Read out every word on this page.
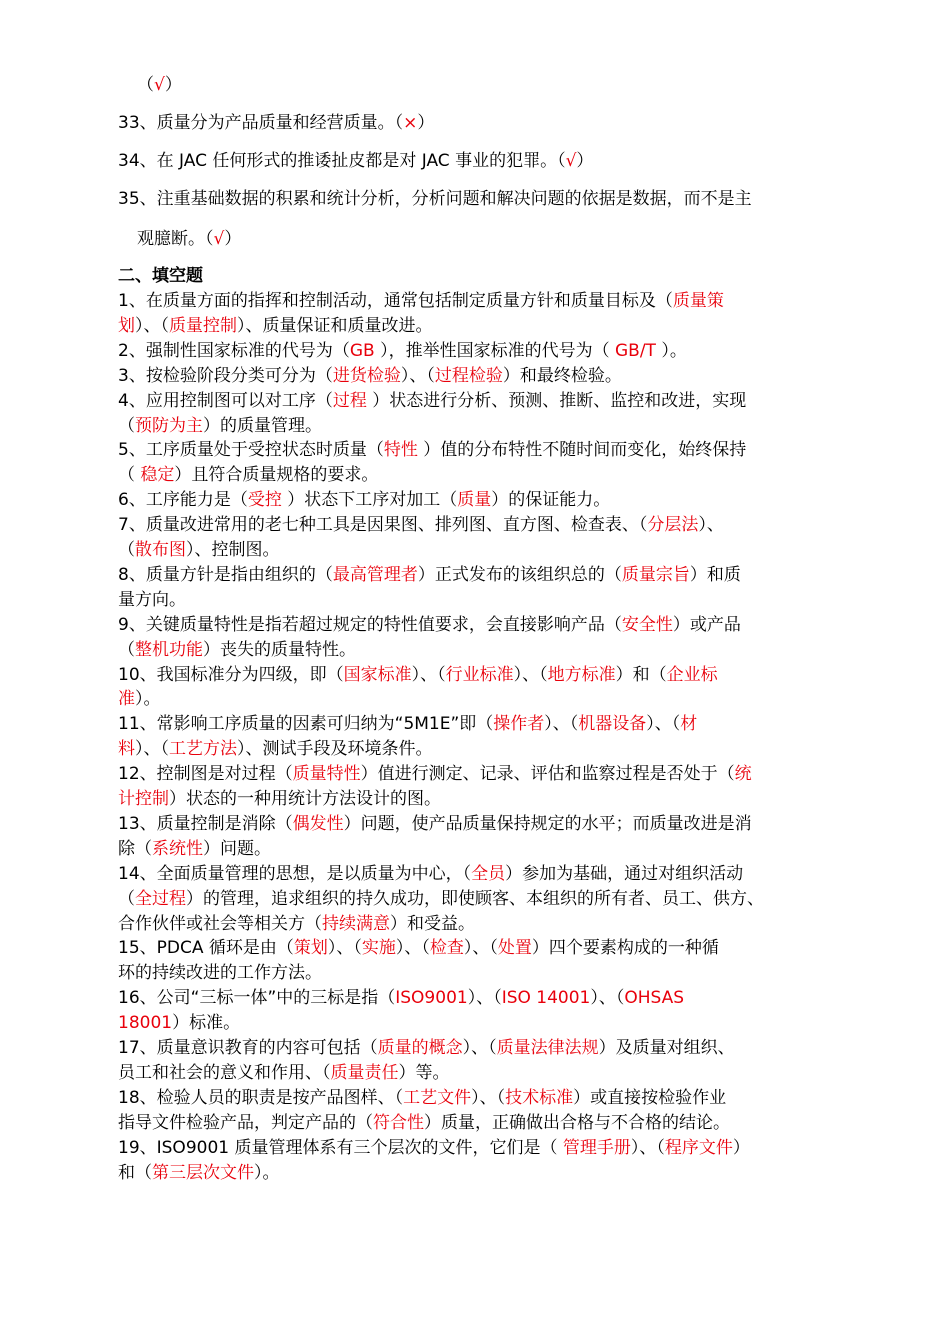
（√）
33、质量分为产品质量和经营质量。（×）
34、在 JAC 任何形式的推诿扯皮都是对 JAC 事业的犯罪。（√）
35、注重基础数据的积累和统计分析，分析问题和解决问题的依据是数据，而不是主
观臆断。（√）
二、填空题
1、在质量方面的指挥和控制活动，通常包括制定质量方针和质量目标及（质量策
划）、（质量控制）、质量保证和质量改进。
2、强制性国家标准的代号为（GB ），推举性国家标准的代号为（ GB/T ）。
3、按检验阶段分类可分为（进货检验）、（过程检验）和最终检验。
4、应用控制图可以对工序（过程 ）状态进行分析、预测、推断、监控和改进，实现
（预防为主）的质量管理。
5、工序质量处于受控状态时质量（特性 ）值的分布特性不随时间而变化，始终保持
（ 稳定）且符合质量规格的要求。
6、工序能力是（受控 ）状态下工序对加工（质量）的保证能力。
7、质量改进常用的老七种工具是因果图、排列图、直方图、检查表、（分层法）、
（散布图）、控制图。
8、质量方针是指由组织的（最高管理者）正式发布的该组织总的（质量宗旨）和质
量方向。
9、关键质量特性是指若超过规定的特性值要求，会直接影响产品（安全性）或产品
（整机功能）丧失的质量特性。
10、我国标准分为四级，即（国家标准）、（行业标准）、（地方标准）和（企业标
准）。
11、常影响工序质量的因素可归纳为“5M1E”即（操作者）、（机器设备）、（材
料）、（工艺方法）、测试手段及环境条件。
12、控制图是对过程（质量特性）值进行测定、记录、评估和监察过程是否处于（统
计控制）状态的一种用统计方法设计的图。
13、质量控制是消除（偶发性）问题，使产品质量保持规定的水平；而质量改进是消
除（系统性）问题。
14、全面质量管理的思想，是以质量为中心，（全员）参加为基础，通过对组织活动
（全过程）的管理，追求组织的持久成功，即使顾客、本组织的所有者、员工、供方、
合作伙伴或社会等相关方（持续满意）和受益。
15、PDCA 循环是由（策划）、（实施）、（检查）、（处置）四个要素构成的一种循
环的持续改进的工作方法。
16、公司“三标一体”中的三标是指（ISO9001）、（ISO 14001）、（OHSAS
18001）标准。
17、质量意识教育的内容可包括（质量的概念）、（质量法律法规）及质量对组织、
员工和社会的意义和作用、（质量责任）等。
18、检验人员的职责是按产品图样、（工艺文件）、（技术标准）或直接按检验作业
指导文件检验产品，判定产品的（符合性）质量，正确做出合格与不合格的结论。
19、ISO9001 质量管理体系有三个层次的文件，它们是（ 管理手册）、（程序文件）
和（第三层次文件）。
